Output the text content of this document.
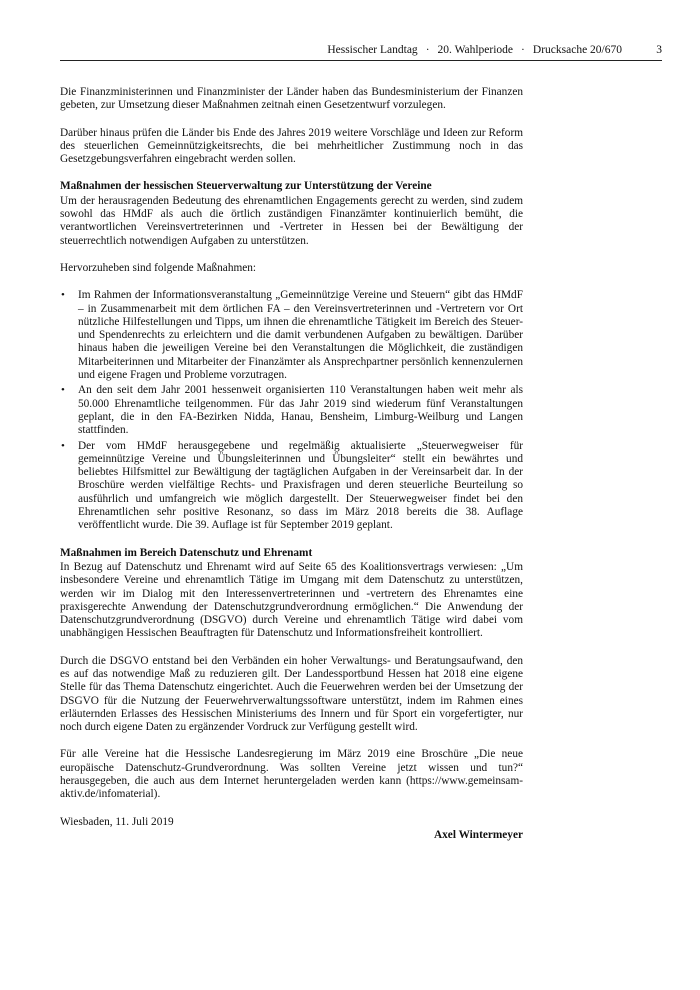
Hessischer Landtag · 20. Wahlperiode · Drucksache 20/670	3

Die Finanzministerinnen und Finanzminister der Länder haben das Bundesministerium der Finanzen gebeten, zur Umsetzung dieser Maßnahmen zeitnah einen Gesetzentwurf vorzulegen.

Darüber hinaus prüfen die Länder bis Ende des Jahres 2019 weitere Vorschläge und Ideen zur Reform des steuerlichen Gemeinnützigkeitsrechts, die bei mehrheitlicher Zustimmung noch in das Gesetzgebungsverfahren eingebracht werden sollen.

Maßnahmen der hessischen Steuerverwaltung zur Unterstützung der Vereine

Um der herausragenden Bedeutung des ehrenamtlichen Engagements gerecht zu werden, sind zudem sowohl das HMdF als auch die örtlich zuständigen Finanzämter kontinuierlich bemüht, die verantwortlichen Vereinsvertreterinnen und -Vertreter in Hessen bei der Bewältigung der steuerrechtlich notwendigen Aufgaben zu unterstützen.

Hervorzuheben sind folgende Maßnahmen:

• Im Rahmen der Informationsveranstaltung „Gemeinnützige Vereine und Steuern“ gibt das HMdF – in Zusammenarbeit mit dem örtlichen FA – den Vereinsvertreterinnen und -Vertretern vor Ort nützliche Hilfestellungen und Tipps, um ihnen die ehrenamtliche Tätigkeit im Bereich des Steuer- und Spendenrechts zu erleichtern und die damit verbundenen Aufgaben zu bewältigen. Darüber hinaus haben die jeweiligen Vereine bei den Veranstaltungen die Möglichkeit, die zuständigen Mitarbeiterinnen und Mitarbeiter der Finanzämter als Ansprechpartner persönlich kennenzulernen und eigene Fragen und Probleme vorzutragen.
• An den seit dem Jahr 2001 hessenweit organisierten 110 Veranstaltungen haben weit mehr als 50.000 Ehrenamtliche teilgenommen. Für das Jahr 2019 sind wiederum fünf Veranstaltungen geplant, die in den FA-Bezirken Nidda, Hanau, Bensheim, Limburg-Weilburg und Langen stattfinden.
• Der vom HMdF herausgegebene und regelmäßig aktualisierte „Steuerwegweiser für gemeinnützige Vereine und Übungsleiterinnen und Übungsleiter“ stellt ein bewährtes und beliebtes Hilfsmittel zur Bewältigung der tagtäglichen Aufgaben in der Vereinsarbeit dar. In der Broschüre werden vielfältige Rechts- und Praxisfragen und deren steuerliche Beurteilung so ausführlich und umfangreich wie möglich dargestellt. Der Steuerwegweiser findet bei den Ehrenamtlichen sehr positive Resonanz, so dass im März 2018 bereits die 38. Auflage veröffentlicht wurde. Die 39. Auflage ist für September 2019 geplant.
Maßnahmen im Bereich Datenschutz und Ehrenamt

In Bezug auf Datenschutz und Ehrenamt wird auf Seite 65 des Koalitionsvertrags verwiesen: „Um insbesondere Vereine und ehrenamtlich Tätige im Umgang mit dem Datenschutz zu unterstützen, werden wir im Dialog mit den Interessenvertreterinnen und -vertretern des Ehrenamtes eine praxisgerechte Anwendung der Datenschutzgrundverordnung ermöglichen.“ Die Anwendung der Datenschutzgrundverordnung (DSGVO) durch Vereine und ehrenamtlich Tätige wird dabei vom unabhängigen Hessischen Beauftragten für Datenschutz und Informationsfreiheit kontrolliert.

Durch die DSGVO entstand bei den Verbänden ein hoher Verwaltungs- und Beratungsaufwand, den es auf das notwendige Maß zu reduzieren gilt. Der Landessportbund Hessen hat 2018 eine eigene Stelle für das Thema Datenschutz eingerichtet. Auch die Feuerwehren werden bei der Umsetzung der DSGVO für die Nutzung der Feuerwehrverwaltungssoftware unterstützt, indem im Rahmen eines erläuternden Erlasses des Hessischen Ministeriums des Innern und für Sport ein vorgefertigter, nur noch durch eigene Daten zu ergänzender Vordruck zur Verfügung gestellt wird.

Für alle Vereine hat die Hessische Landesregierung im März 2019 eine Broschüre „Die neue europäische Datenschutz-Grundverordnung. Was sollten Vereine jetzt wissen und tun?“ herausgegeben, die auch aus dem Internet heruntergeladen werden kann (https://www.gemeinsam-aktiv.de/infomaterial).

Wiesbaden, 11. Juli 2019
Axel Wintermeyer
